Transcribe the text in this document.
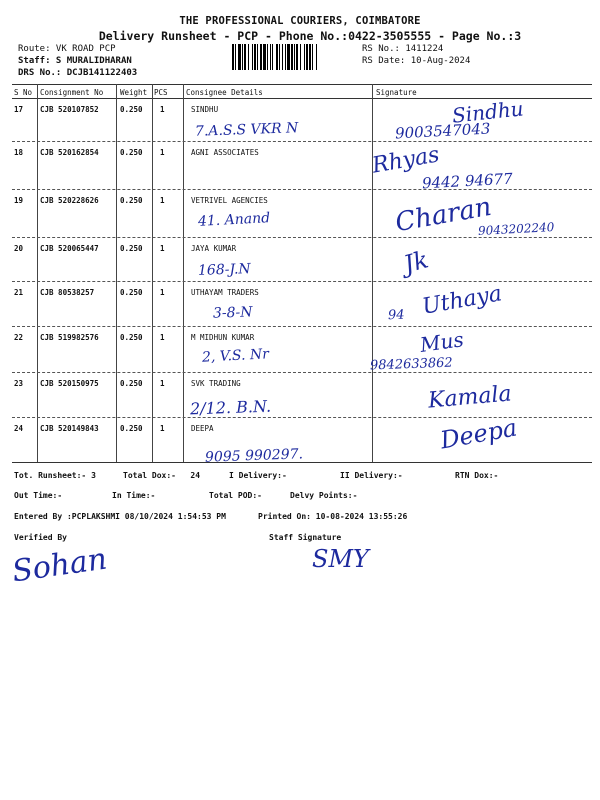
THE PROFESSIONAL COURIERS, COIMBATORE
Delivery Runsheet - PCP - Phone No.:0422-3505555 - Page No.:3
Route: VK ROAD PCP
Staff: S MURALIDHARAN
DRS No.: DCJB141122403
RS No.: 1411224
RS Date: 10-Aug-2024
S No Consignment No Weight PCS Consignee Details	Signature
17 CJB 520107852	0.250 1	SINDHU
7.A.S.S VKR N
Sindhu
9003547043
18 CJB 520162854	0.250 1	AGNI ASSOCIATES	Rhyas
9442 94677
19 CJB 520228626	0.250 1	VETRIVEL AGENCIES
41. Anand	Charan
9043202240
20 CJB 520065447	0.250 1	JAYA KUMAR
168-J.N	Jk
21 CJB 80538257	0.250 1	UTHAYAM TRADERS
3-8-N	Uthaya
94
22 CJB 519982576	0.250 1	M MIDHUN KUMAR
2, V.S. Nr	Mus
9842633862
23 CJB 520150975	0.250 1	SVK TRADING
2/12. B.N.	Kamala
24 CJB 520149843	0.250 1	DEEPA
9095 990297.
Deepa
Tot. Runsheet:- 3	Total Dox:-   24	I Delivery:-	II Delivery:-	RTN Dox:-
Out Time:-	In Time:-	Total POD:-	Delvy Points:-
Entered By :PCPLAKSHMI 08/10/2024 1:54:53 PM	Printed On: 10-08-2024 13:55:26
Verified By	Staff Signature
Sohan	SMY
